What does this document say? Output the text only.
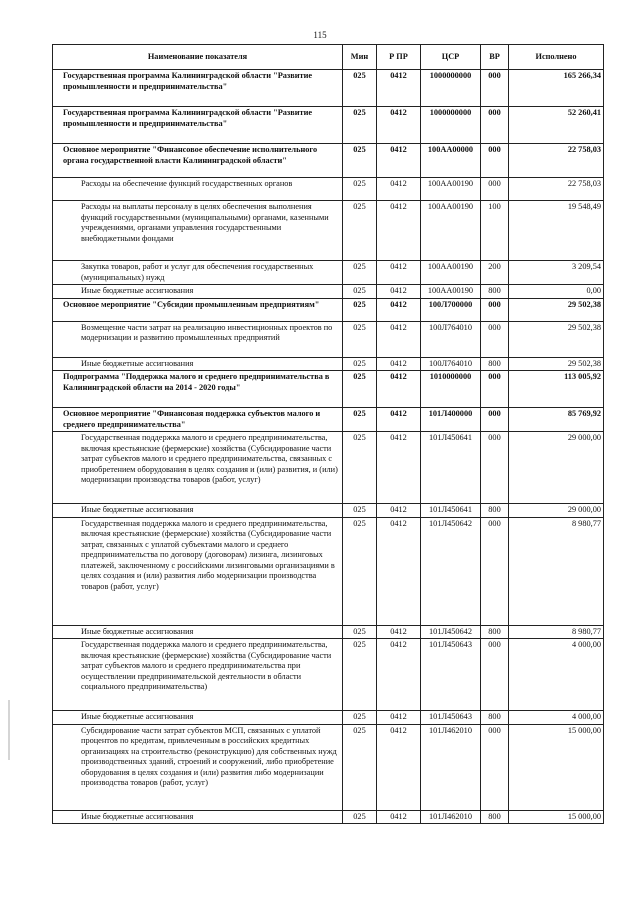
115
Наименование показателя	Мин	Р ПР	ЦСР	ВР	Исполнено
Государственная программа Калининградской области "Развитие промышленности и предпринимательства"	025	0412	1000000000	000	165 266,34
Государственная программа Калининградской области "Развитие промышленности и предпринимательства"	025	0412	1000000000	000	52 260,41
Основное мероприятие "Финансовое обеспечение исполнительного органа государственной власти Калининградской области"	025	0412	100АА00000	000	22 758,03
Расходы на обеспечение функций государственных органов	025	0412	100АА00190	000	22 758,03
Расходы на выплаты персоналу в целях обеспечения выполнения функций государственными (муниципальными) органами, казенными учреждениями, органами управления государственными внебюджетными фондами	025	0412	100АА00190	100	19 548,49
Закупка товаров, работ и услуг для обеспечения государственных (муниципальных) нужд	025	0412	100АА00190	200	3 209,54
Иные бюджетные ассигнования	025	0412	100АА00190	800	0,00
Основное мероприятие "Субсидии промышленным предприятиям"	025	0412	100Л700000	000	29 502,38
Возмещение части затрат на реализацию инвестиционных проектов по модернизации и развитию промышленных предприятий	025	0412	100Л764010	000	29 502,38
Иные бюджетные ассигнования	025	0412	100Л764010	800	29 502,38
Подпрограмма "Поддержка малого и среднего предпринимательства в Калининградской области на 2014 - 2020 годы"	025	0412	1010000000	000	113 005,92
Основное мероприятие "Финансовая поддержка субъектов малого и среднего предпринимательства"	025	0412	101Л400000	000	85 769,92
Государственная поддержка малого и среднего предпринимательства, включая крестьянские (фермерские) хозяйства (Субсидирование части затрат субъектов малого и среднего предпринимательства, связанных с приобретением оборудования в целях создания и (или) развития, и (или) модернизации производства товаров (работ, услуг)	025	0412	101Л450641	000	29 000,00
Иные бюджетные ассигнования	025	0412	101Л450641	800	29 000,00
Государственная поддержка малого и среднего предпринимательства, включая крестьянские (фермерские) хозяйства (Субсидирование части затрат, связанных с уплатой субъектами малого и среднего предпринимательства по договору (договорам) лизинга, лизинговых платежей, заключенному с российскими лизинговыми организациями в целях создания и (или) развития либо модернизации производства товаров (работ, услуг)	025	0412	101Л450642	000	8 980,77
Иные бюджетные ассигнования	025	0412	101Л450642	800	8 980,77
Государственная поддержка малого и среднего предпринимательства, включая крестьянские (фермерские) хозяйства (Субсидирование части затрат субъектов малого и среднего предпринимательства при осуществлении предпринимательской деятельности в области социального предпринимательства)	025	0412	101Л450643	000	4 000,00
Иные бюджетные ассигнования	025	0412	101Л450643	800	4 000,00
Субсидирование части затрат субъектов МСП, связанных с уплатой процентов по кредитам, привлеченным в российских кредитных организациях на строительство (реконструкцию) для собственных нужд производственных зданий, строений и сооружений, либо приобретение оборудования в целях создания и (или) развития либо модернизации производства товаров (работ, услуг)	025	0412	101Л462010	000	15 000,00
Иные бюджетные ассигнования	025	0412	101Л462010	800	15 000,00
